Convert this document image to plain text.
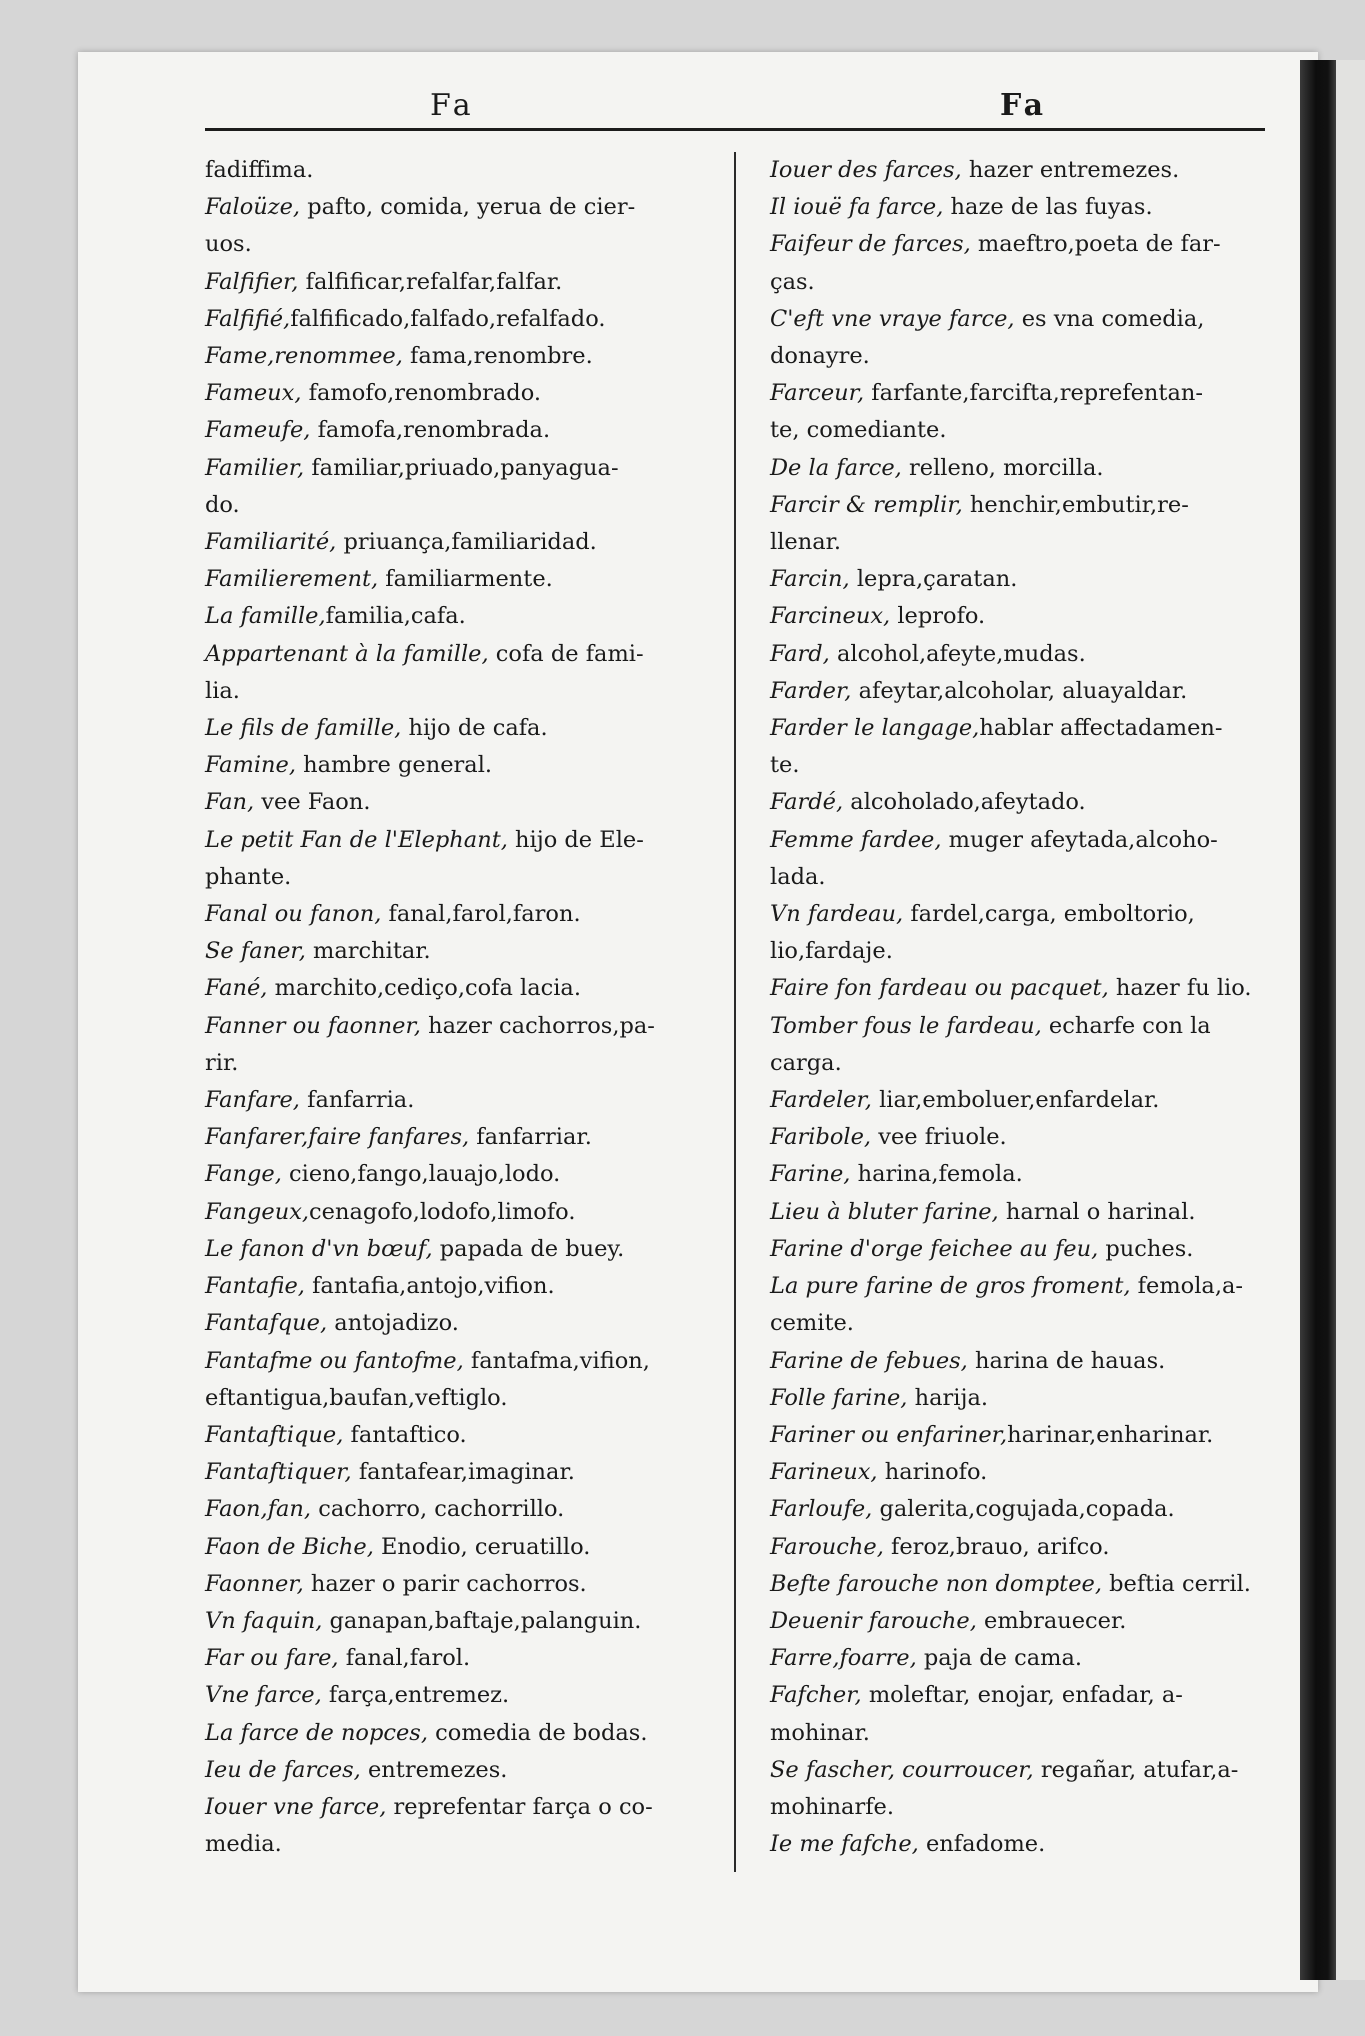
Fa	Fa
fadiffima.
Faloüze, pafto, comida, yerua de cier-
uos.
Falfifier, falfificar,refalfar,falfar.
Falfifié,falfificado,falfado,refalfado.
Fame,renommee, fama,renombre.
Fameux, famofo,renombrado.
Fameufe, famofa,renombrada.
Familier, familiar,priuado,panyagua-
do.
Familiarité, priuança,familiaridad.
Familierement, familiarmente.
La famille,familia,cafa.
Appartenant à la famille, cofa de fami-
lia.
Le fils de famille, hijo de cafa.
Famine, hambre general.
Fan, vee Faon.
Le petit Fan de l'Elephant, hijo de Ele-
phante.
Fanal ou fanon, fanal,farol,faron.
Se faner, marchitar.
Fané, marchito,cediço,cofa lacia.
Fanner ou faonner, hazer cachorros,pa-
rir.
Fanfare, fanfarria.
Fanfarer,faire fanfares, fanfarriar.
Fange, cieno,fango,lauajo,lodo.
Fangeux,cenagofo,lodofo,limofo.
Le fanon d'vn bœuf, papada de buey.
Fantafie, fantafia,antojo,vifion.
Fantafque, antojadizo.
Fantafme ou fantofme, fantafma,vifion,
eftantigua,baufan,veftiglo.
Fantaftique, fantaftico.
Fantaftiquer, fantafear,imaginar.
Faon,fan, cachorro, cachorrillo.
Faon de Biche, Enodio, ceruatillo.
Faonner, hazer o parir cachorros.
Vn faquin, ganapan,baftaje,palanguin.
Far ou fare, fanal,farol.
Vne farce, farça,entremez.
La farce de nopces, comedia de bodas.
Ieu de farces, entremezes.
Iouer vne farce, reprefentar farça o co-
media.
Iouer des farces, hazer entremezes.
Il iouë fa farce, haze de las fuyas.
Faifeur de farces, maeftro,poeta de far-
ças.
C'eft vne vraye farce, es vna comedia,
donayre.
Farceur, farfante,farcifta,reprefentan-
te, comediante.
De la farce, relleno, morcilla.
Farcir & remplir, henchir,embutir,re-
llenar.
Farcin, lepra,çaratan.
Farcineux, leprofo.
Fard, alcohol,afeyte,mudas.
Farder, afeytar,alcoholar, aluayaldar.
Farder le langage,hablar affectadamen-
te.
Fardé, alcoholado,afeytado.
Femme fardee, muger afeytada,alcoho-
lada.
Vn fardeau, fardel,carga, emboltorio,
lio,fardaje.
Faire fon fardeau ou pacquet, hazer fu lio.
Tomber fous le fardeau, echarfe con la
carga.
Fardeler, liar,emboluer,enfardelar.
Faribole, vee friuole.
Farine, harina,femola.
Lieu à bluter farine, harnal o harinal.
Farine d'orge feichee au feu, puches.
La pure farine de gros froment, femola,a-
cemite.
Farine de febues, harina de hauas.
Folle farine, harija.
Fariner ou enfariner,harinar,enharinar.
Farineux, harinofo.
Farloufe, galerita,cogujada,copada.
Farouche, feroz,brauo, arifco.
Befte farouche non domptee, beftia cerril.
Deuenir farouche, embrauecer.
Farre,foarre, paja de cama.
Fafcher, moleftar, enojar, enfadar, a-
mohinar.
Se fascher, courroucer, regañar, atufar,a-
mohinarfe.
Ie me fafche, enfadome.
